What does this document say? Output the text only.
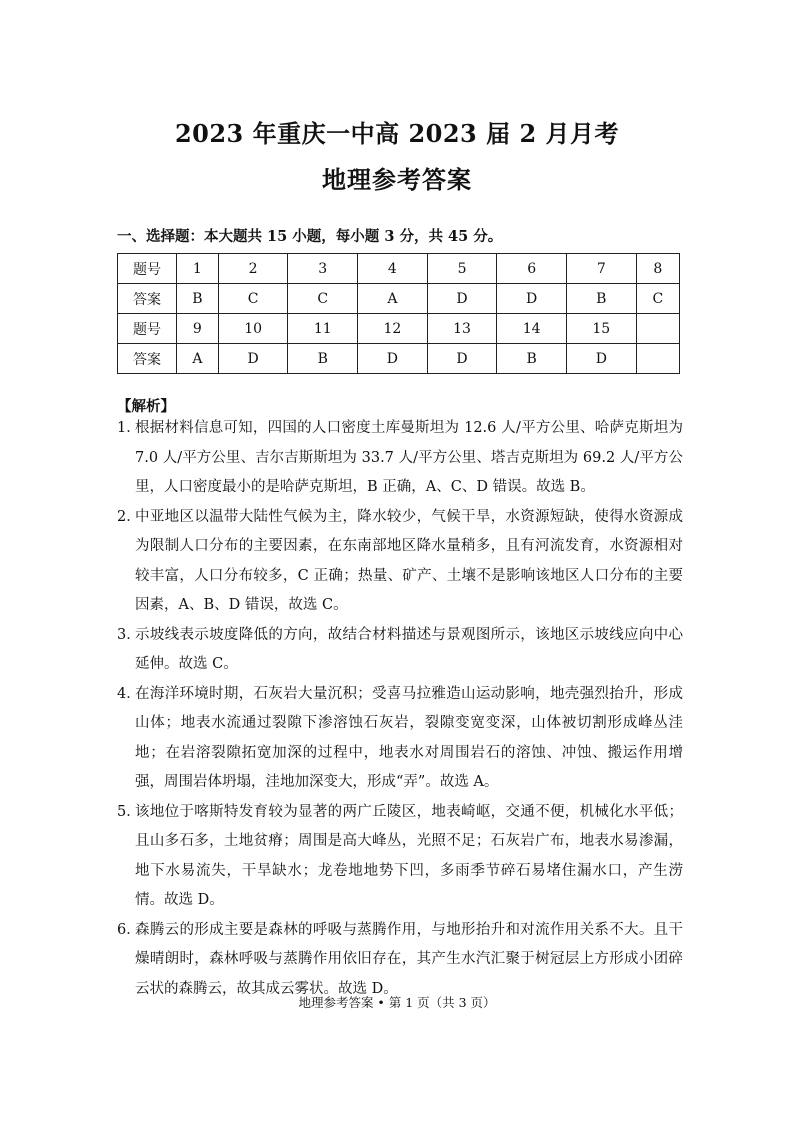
2023 年重庆一中高 2023 届 2 月月考
地理参考答案
一、选择题：本大题共 15 小题，每小题 3 分，共 45 分。
题号	1	2	3	4	5	6	7	8
答案	B	C	C	A	D	D	B	C
题号	9	10	11	12	13	14	15	
答案	A	D	B	D	D	B	D	
【解析】

1．
根据材料信息可知，四国的人口密度土库曼斯坦为 12.6 人/平方公里、哈萨克斯坦为 7.0 人/平方公里、吉尔吉斯斯坦为 33.7 人/平方公里、塔吉克斯坦为 69.2 人/平方公里，人口密度最小的是哈萨克斯坦，B 正确，A、C、D 错误。故选 B。

2．
中亚地区以温带大陆性气候为主，降水较少，气候干旱，水资源短缺，使得水资源成为限制人口分布的主要因素，在东南部地区降水量稍多，且有河流发育，水资源相对较丰富，人口分布较多，C 正确；热量、矿产、土壤不是影响该地区人口分布的主要因素，A、B、D 错误，故选 C。

3．
示坡线表示坡度降低的方向，故结合材料描述与景观图所示，该地区示坡线应向中心延伸。故选 C。

4．
在海洋环境时期，石灰岩大量沉积；受喜马拉雅造山运动影响，地壳强烈抬升，形成山体；地表水流通过裂隙下渗溶蚀石灰岩，裂隙变宽变深，山体被切割形成峰丛洼地；在岩溶裂隙拓宽加深的过程中，地表水对周围岩石的溶蚀、冲蚀、搬运作用增强，周围岩体坍塌，洼地加深变大，形成“弄”。故选 A。

5．
该地位于喀斯特发育较为显著的两广丘陵区，地表崎岖，交通不便，机械化水平低；且山多石多，土地贫瘠；周围是高大峰丛，光照不足；石灰岩广布，地表水易渗漏，地下水易流失，干旱缺水；龙卷地地势下凹，多雨季节碎石易堵住漏水口，产生涝情。故选 D。

6．
森腾云的形成主要是森林的呼吸与蒸腾作用，与地形抬升和对流作用关系不大。且干燥晴朗时，森林呼吸与蒸腾作用依旧存在，其产生水汽汇聚于树冠层上方形成小团碎云状的森腾云，故其成云雾状。故选 D。

地理参考答案 • 第 1 页（共 3 页）
